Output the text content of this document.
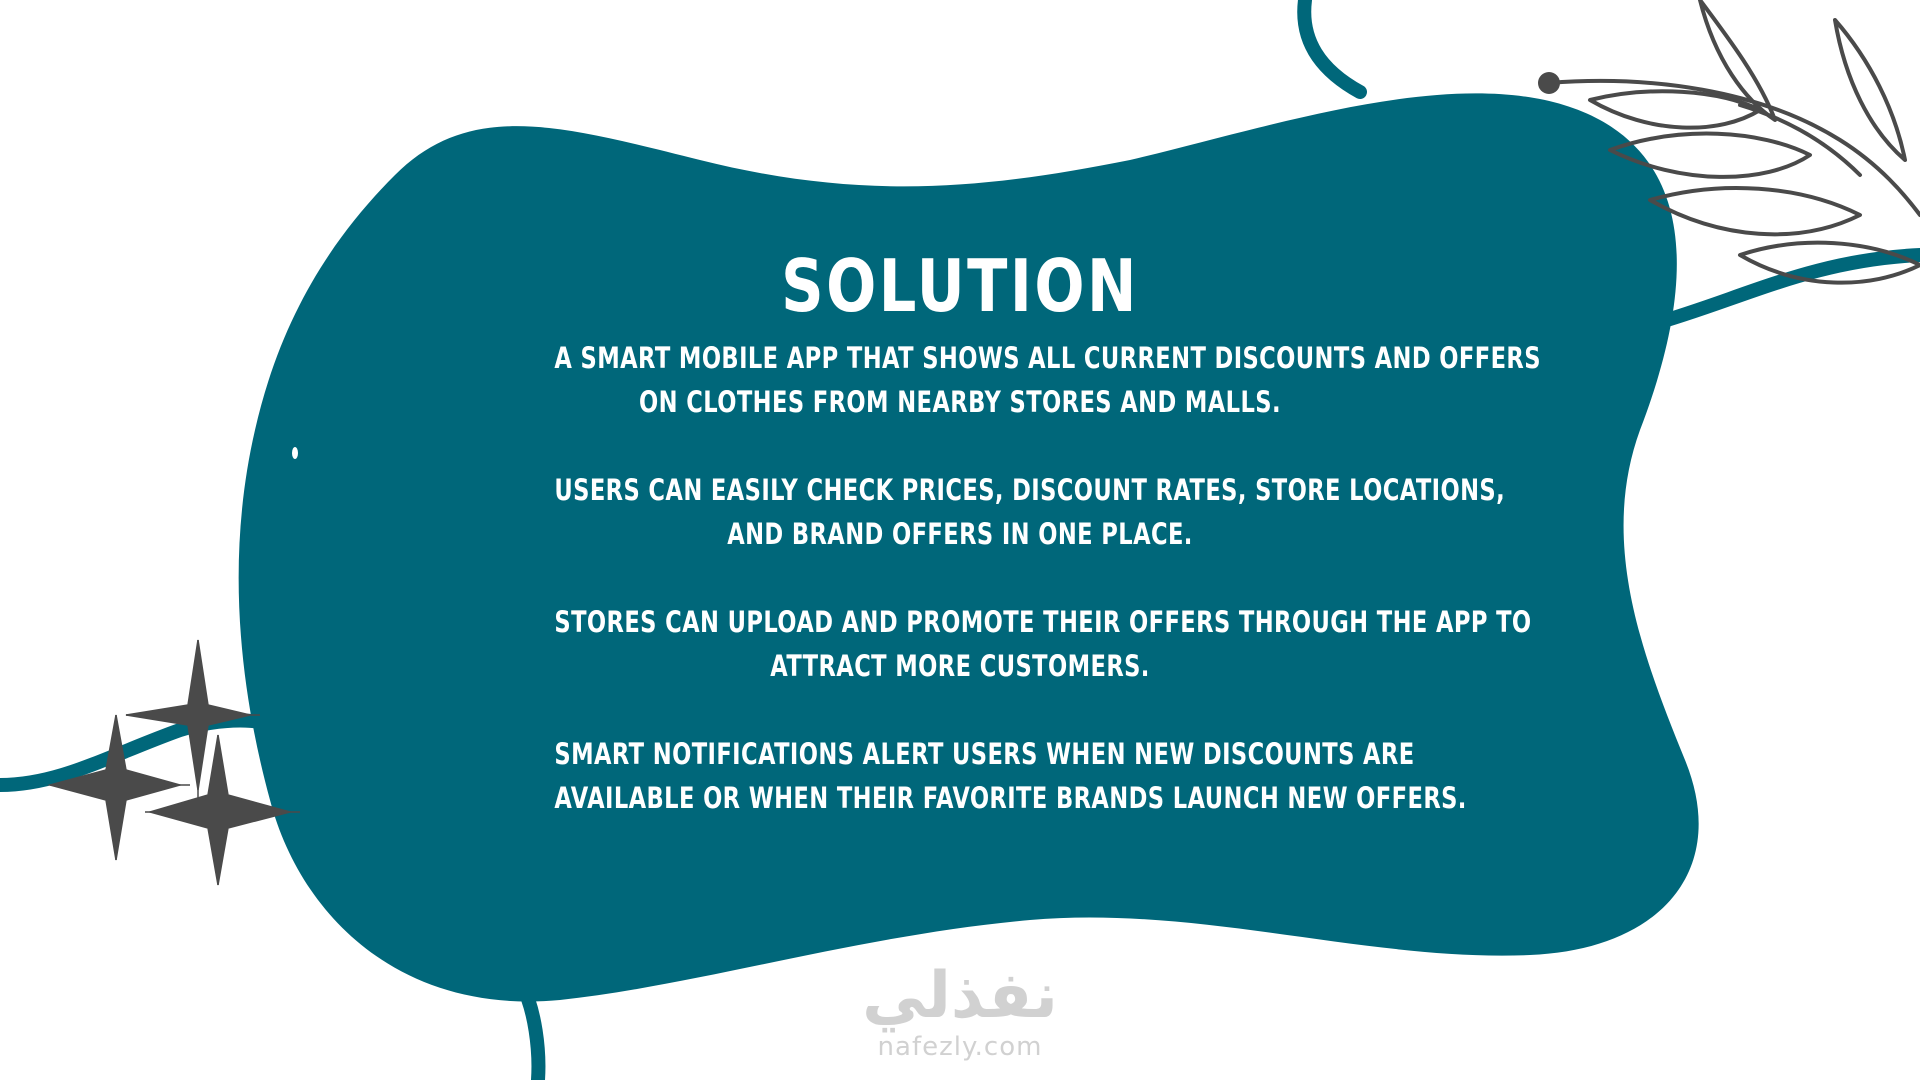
SOLUTION

A SMART MOBILE APP THAT SHOWS ALL CURRENT DISCOUNTS AND OFFERS
ON CLOTHES FROM NEARBY STORES AND MALLS.

USERS CAN EASILY CHECK PRICES, DISCOUNT RATES, STORE LOCATIONS,
AND BRAND OFFERS IN ONE PLACE.

STORES CAN UPLOAD AND PROMOTE THEIR OFFERS THROUGH THE APP TO
ATTRACT MORE CUSTOMERS.

SMART NOTIFICATIONS ALERT USERS WHEN NEW DISCOUNTS ARE
AVAILABLE OR WHEN THEIR FAVORITE BRANDS LAUNCH NEW OFFERS.

نفذلي
nafezly.com
